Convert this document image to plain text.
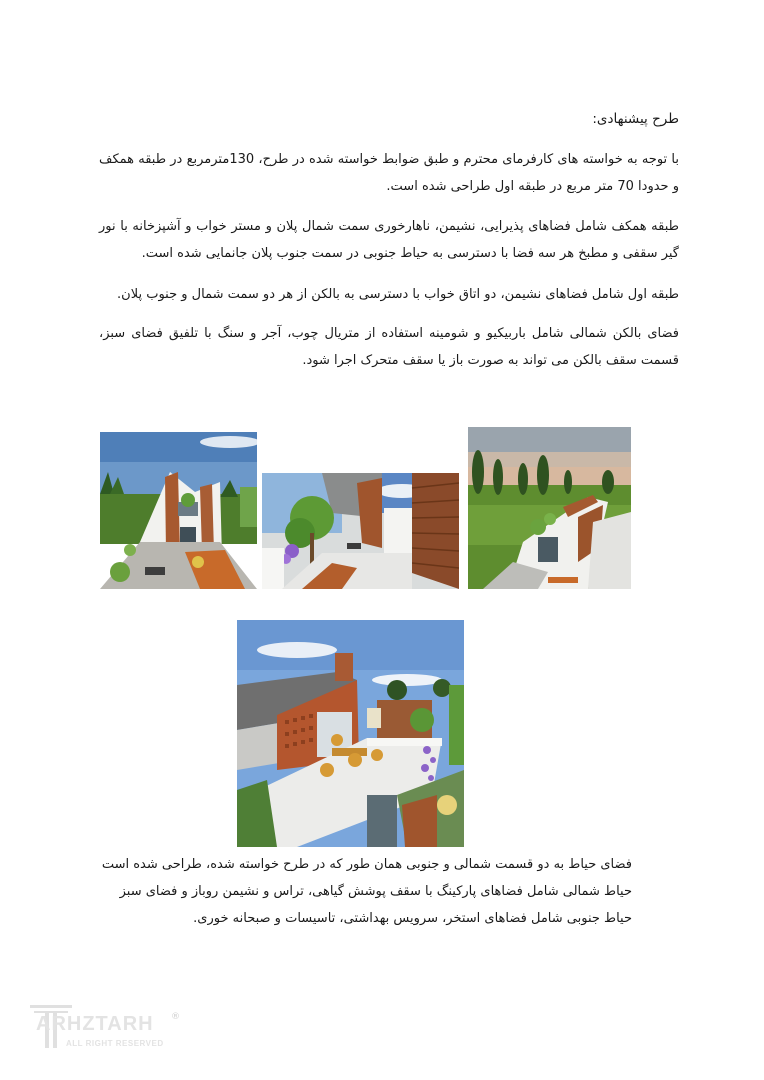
طرح پیشنهادی:

با توجه به خواسته های کارفرمای محترم و طبق ضوابط خواسته شده در طرح، 130مترمربع در طبقه همکف و حدودا 70 متر مربع در طبقه اول طراحی شده است.

طبقه همکف شامل فضاهای پذیرایی، نشیمن، ناهارخوری سمت شمال پلان و مستر خواب و آشپزخانه با نور گیر سقفی و مطبخ هر سه فضا با دسترسی به حیاط جنوبی در سمت جنوب پلان جانمایی شده است.

طبقه اول شامل فضاهای نشیمن، دو اتاق خواب با دسترسی به بالکن از هر دو سمت شمال و جنوب پلان.

فضای بالکن شمالی شامل باربیکیو و شومینه استفاده از متریال چوب، آجر و سنگ با تلفیق فضای سبز، قسمت سقف بالکن می تواند به صورت باز یا سقف متحرک اجرا شود.

فضای حیاط به دو قسمت شمالی و جنوبی همان طور که در طرح خواسته شده، طراحی شده است

حیاط شمالی شامل فضاهای پارکینگ با سقف پوشش گیاهی، تراس و نشیمن روباز و فضای سبز

حیاط جنوبی شامل فضاهای استخر، سرویس بهداشتی، تاسیسات و صبحانه خوری.

ARHZTARH
ALL RIGHT RESERVED
®
